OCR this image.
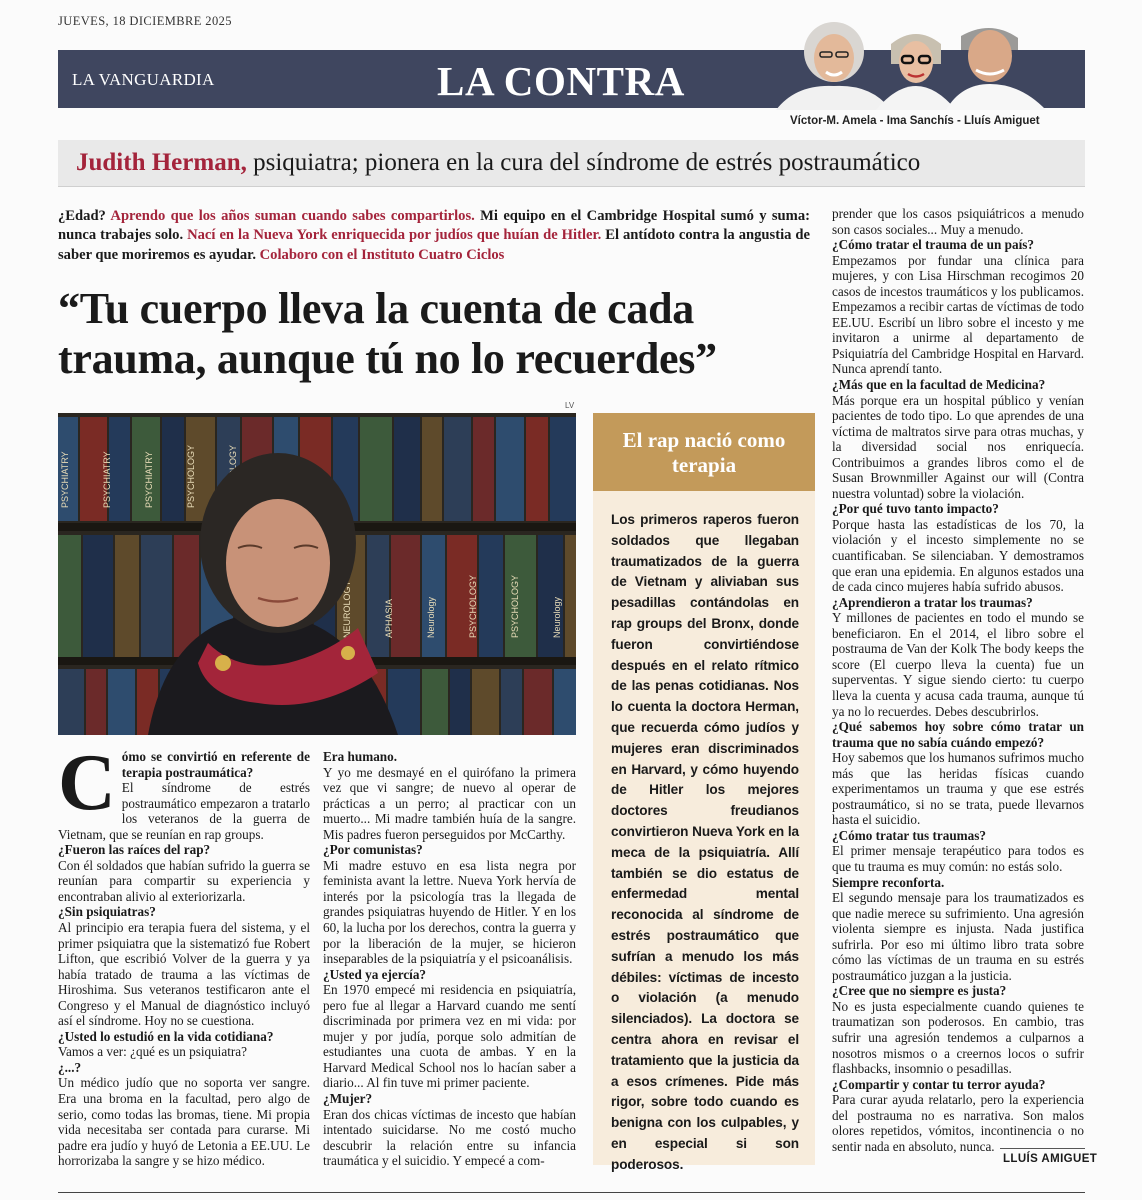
JUEVES, 18 DICIEMBRE 2025
LA VANGUARDIA	LA CONTRA
Víctor-M. Amela - Ima Sanchís - Lluís Amiguet
Judith Herman, psiquiatra; pionera en la cura del síndrome de estrés postraumático
¿Edad? Aprendo que los años suman cuando sabes compartirlos. Mi equipo en el Cambridge Hospital sumó y suma: nunca trabajes solo. Nací en la Nueva York enriquecida por judíos que huían de Hitler. El antídoto contra la angustia de saber que moriremos es ayudar. Colaboro con el Instituto Cuatro Ciclos
“Tu cuerpo lleva la cuenta de cada trauma, aunque tú no lo recuerdes”
LV
PSYCHIATRY	PSYCHIATRY	PSYCHIATRY	PSYCHOLOGY
NEUROLOGY	APHASIA	Neurology	PSYCHOLOGY	PSYCHOLOGY	Neurology
El rap nació como terapia
Los primeros raperos fueron soldados que llegaban traumatizados de la guerra de Vietnam y aliviaban sus pesadillas contándolas en rap groups del Bronx, donde fueron convirtiéndose después en el relato rítmico de las penas cotidianas. Nos lo cuenta la doctora Herman, que recuerda cómo judíos y mujeres eran discriminados en Harvard, y cómo huyendo de Hitler los mejores doctores freudianos convirtieron Nueva York en la meca de la psiquiatría. Allí también se dio estatus de enfermedad mental reconocida al síndrome de estrés postraumático que sufrían a menudo los más débiles: víctimas de incesto o violación (a menudo silenciados). La doctora se centra ahora en revisar el tratamiento que la justicia da a esos crímenes. Pide más rigor, sobre todo cuando es benigna con los culpables, y en especial si son poderosos.
Cómo se convirtió en referente de terapia postraumática?

El síndrome de estrés postraumático empezaron a tratarlo los veteranos de la guerra de Vietnam, que se reunían en rap groups.

¿Fueron las raíces del rap?

Con él soldados que habían sufrido la guerra se reunían para compartir su experiencia y encontraban alivio al exteriorizarla.

¿Sin psiquiatras?

Al principio era terapia fuera del sistema, y el primer psiquiatra que la sistematizó fue Robert Lifton, que escribió Volver de la guerra y ya había tratado de trauma a las víctimas de Hiroshima. Sus veteranos testificaron ante el Congreso y el Manual de diagnóstico incluyó así el síndrome. Hoy no se cuestiona.

¿Usted lo estudió en la vida cotidiana?

Vamos a ver: ¿qué es un psiquiatra?

¿...?

Un médico judío que no soporta ver sangre. Era una broma en la facultad, pero algo de serio, como todas las bromas, tiene. Mi propia vida necesitaba ser contada para curarse. Mi padre era judío y huyó de Letonia a EE.UU. Le horrorizaba la sangre y se hizo médico.

Era humano.

Y yo me desmayé en el quirófano la primera vez que vi sangre; de nuevo al operar de prácticas a un perro; al practicar con un muerto... Mi madre también huía de la sangre. Mis padres fueron perseguidos por McCarthy.

¿Por comunistas?

Mi madre estuvo en esa lista negra por feminista avant la lettre. Nueva York hervía de interés por la psicología tras la llegada de grandes psiquiatras huyendo de Hitler. Y en los 60, la lucha por los derechos, contra la guerra y por la liberación de la mujer, se hicieron inseparables de la psiquiatría y el psicoanálisis.

¿Usted ya ejercía?

En 1970 empecé mi residencia en psiquiatría, pero fue al llegar a Harvard cuando me sentí discriminada por primera vez en mi vida: por mujer y por judía, porque solo admitían de estudiantes una cuota de ambas. Y en la Harvard Medical School nos lo hacían saber a diario... Al fin tuve mi primer paciente.

¿Mujer?

Eran dos chicas víctimas de incesto que habían intentado suicidarse. No me costó mucho descubrir la relación entre su infancia traumática y el suicidio. Y empecé a com-

prender que los casos psiquiátricos a menudo son casos sociales... Muy a menudo.

¿Cómo tratar el trauma de un país?

Empezamos por fundar una clínica para mujeres, y con Lisa Hirschman recogimos 20 casos de incestos traumáticos y los publicamos. Empezamos a recibir cartas de víctimas de todo EE.UU. Escribí un libro sobre el incesto y me invitaron a unirme al departamento de Psiquiatría del Cambridge Hospital en Harvard. Nunca aprendí tanto.

¿Más que en la facultad de Medicina?

Más porque era un hospital público y venían pacientes de todo tipo. Lo que aprendes de una víctima de maltratos sirve para otras muchas, y la diversidad social nos enriquecía. Contribuimos a grandes libros como el de Susan Brownmiller Against our will (Contra nuestra voluntad) sobre la violación.

¿Por qué tuvo tanto impacto?

Porque hasta las estadísticas de los 70, la violación y el incesto simplemente no se cuantificaban. Se silenciaban. Y demostramos que eran una epidemia. En algunos estados una de cada cinco mujeres había sufrido abusos.

¿Aprendieron a tratar los traumas?

Y millones de pacientes en todo el mundo se beneficiaron. En el 2014, el libro sobre el postrauma de Van der Kolk The body keeps the score (El cuerpo lleva la cuenta) fue un superventas. Y sigue siendo cierto: tu cuerpo lleva la cuenta y acusa cada trauma, aunque tú ya no lo recuerdes. Debes descubrirlos.

¿Qué sabemos hoy sobre cómo tratar un trauma que no sabía cuándo empezó?

Hoy sabemos que los humanos sufrimos mucho más que las heridas físicas cuando experimentamos un trauma y que ese estrés postraumático, si no se trata, puede llevarnos hasta el suicidio.

¿Cómo tratar tus traumas?

El primer mensaje terapéutico para todos es que tu trauma es muy común: no estás solo.

Siempre reconforta.

El segundo mensaje para los traumatizados es que nadie merece su sufrimiento. Una agresión violenta siempre es injusta. Nada justifica sufrirla. Por eso mi último libro trata sobre cómo las víctimas de un trauma en su estrés postraumático juzgan a la justicia.

¿Cree que no siempre es justa?

No es justa especialmente cuando quienes te traumatizan son poderosos. En cambio, tras sufrir una agresión tendemos a culparnos a nosotros mismos o a creernos locos o sufrir flashbacks, insomnio o pesadillas.

¿Compartir y contar tu terror ayuda?

Para curar ayuda relatarlo, pero la experiencia del postrauma no es narrativa. Son malos olores repetidos, vómitos, incontinencia o no sentir nada en absoluto, nunca.

LLUÍS AMIGUET
